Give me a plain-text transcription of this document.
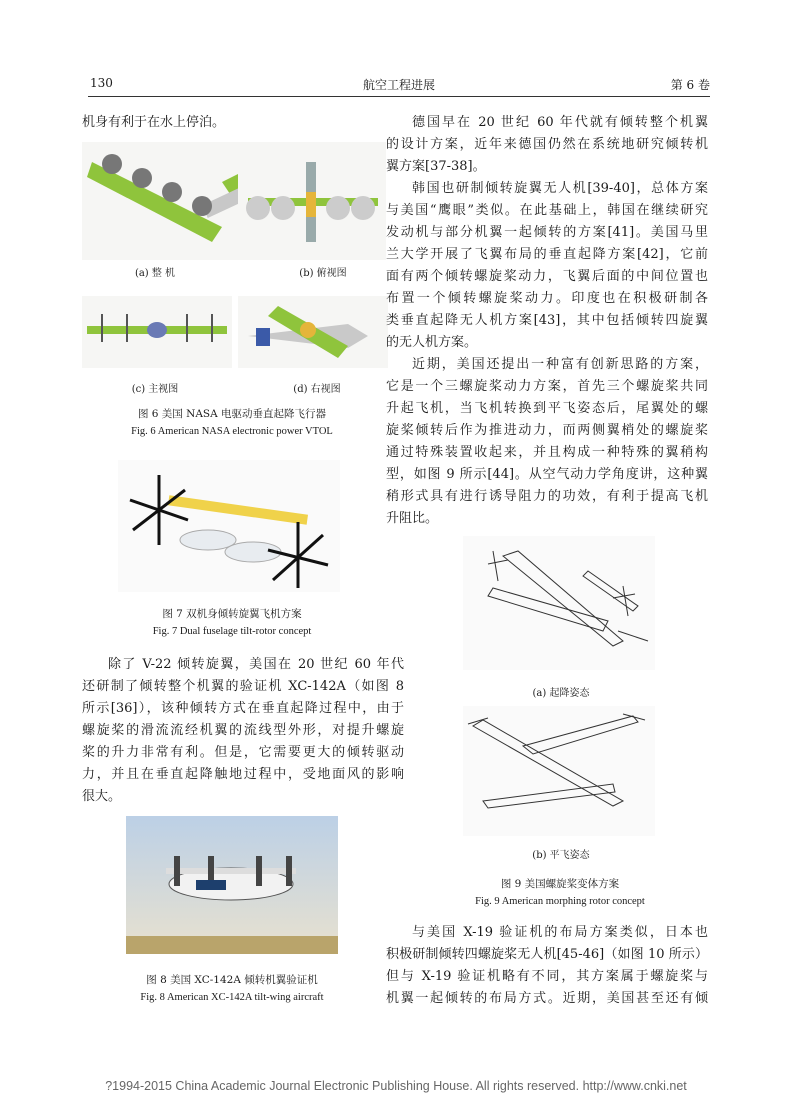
130	航空工程进展	第 6 卷
机身有利于在水上停泊。
(a) 整 机	(b) 俯视图
(c) 主视图	(d) 右视图
图 6 美国 NASA 电驱动垂直起降飞行器
Fig. 6 American NASA electronic power VTOL
图 7 双机身倾转旋翼飞机方案
Fig. 7 Dual fuselage tilt-rotor concept
除了 V-22 倾转旋翼，美国在 20 世纪 60 年代
还研制了倾转整个机翼的验证机 XC-142A（如图 8
所示[36]），该种倾转方式在垂直起降过程中，由于
螺旋桨的滑流流经机翼的流线型外形，对提升螺旋
桨的升力非常有利。但是，它需要更大的倾转驱动
力，并且在垂直起降触地过程中，受地面风的影响
很大。
图 8 美国 XC-142A 倾转机翼验证机
Fig. 8 American XC-142A tilt-wing aircraft
德国早在 20 世纪 60 年代就有倾转整个机翼
的设计方案，近年来德国仍然在系统地研究倾转机
翼方案[37-38]。
韩国也研制倾转旋翼无人机[39-40]，总体方案
与美国“鹰眼”类似。在此基础上，韩国在继续研究
发动机与部分机翼一起倾转的方案[41]。美国马里
兰大学开展了飞翼布局的垂直起降方案[42]，它前
面有两个倾转螺旋桨动力，飞翼后面的中间位置也
布置一个倾转螺旋桨动力。印度也在积极研制各
类垂直起降无人机方案[43]，其中包括倾转四旋翼
的无人机方案。
近期，美国还提出一种富有创新思路的方案，
它是一个三螺旋桨动力方案，首先三个螺旋桨共同
升起飞机，当飞机转换到平飞姿态后，尾翼处的螺
旋桨倾转后作为推进动力，而两侧翼梢处的螺旋桨
通过特殊装置收起来，并且构成一种特殊的翼稍构
型，如图 9 所示[44]。从空气动力学角度讲，这种翼
稍形式具有进行诱导阻力的功效，有利于提高飞机
升阻比。
(a) 起降姿态
(b) 平飞姿态
图 9 美国螺旋桨变体方案
Fig. 9 American morphing rotor concept
与美国 X-19 验证机的布局方案类似，日本也
积极研制倾转四螺旋桨无人机[45-46]（如图 10 所示）
但与 X-19 验证机略有不同，其方案属于螺旋桨与
机翼一起倾转的布局方式。近期，美国甚至还有倾
?1994-2015 China Academic Journal Electronic Publishing House. All rights reserved. http://www.cnki.net
